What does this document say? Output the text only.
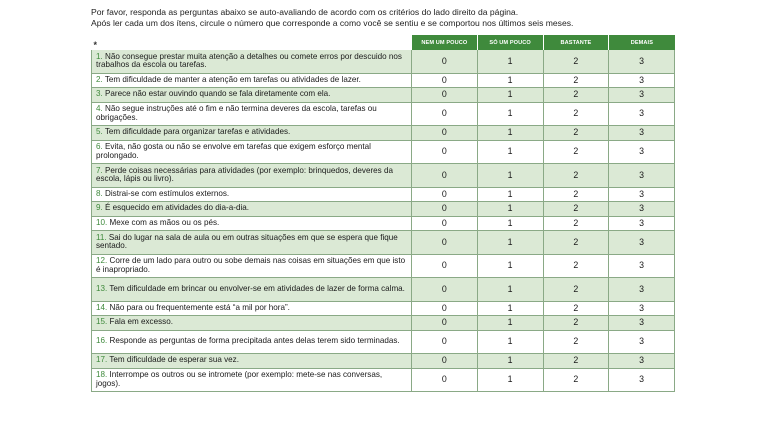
Por favor, responda as perguntas abaixo se auto-avaliando de acordo com os critérios do lado direito da página.

Após ler cada um dos ítens, circule o número que corresponde a como você se sentiu e se comportou nos últimos seis meses.

*	NEM UM POUCO	SÓ UM POUCO	BASTANTE	DEMAIS
1. Não consegue prestar muita atenção a detalhes ou comete erros por descuido nos trabalhos da escola ou tarefas.	0	1	2	3
2. Tem dificuldade de manter a atenção em tarefas ou atividades de lazer.	0	1	2	3
3. Parece não estar ouvindo quando se fala diretamente com ela.	0	1	2	3
4. Não segue instruções até o fim e não termina deveres da escola, tarefas ou obrigações.	0	1	2	3
5. Tem dificuldade para organizar tarefas e atividades.	0	1	2	3
6. Evita, não gosta ou não se envolve em tarefas que exigem esforço mental prolongado.	0	1	2	3
7. Perde coisas necessárias para atividades (por exemplo: brinquedos, deveres da escola, lápis ou livro).	0	1	2	3
8. Distrai-se com estímulos externos.	0	1	2	3
9. É esquecido em atividades do dia-a-dia.	0	1	2	3
10. Mexe com as mãos ou os pés.	0	1	2	3
11. Sai do lugar na sala de aula ou em outras situações em que se espera que fique sentado.	0	1	2	3
12. Corre de um lado para outro ou sobe demais nas coisas em situações em que isto é inapropriado.	0	1	2	3
13. Tem dificuldade em brincar ou envolver-se em atividades de lazer de forma calma.	0	1	2	3
14. Não para ou frequentemente está “a mil por hora”.	0	1	2	3
15. Fala em excesso.	0	1	2	3
16. Responde as perguntas de forma precipitada antes delas terem sido terminadas.	0	1	2	3
17. Tem dificuldade de esperar sua vez.	0	1	2	3
18. Interrompe os outros ou se intromete (por exemplo: mete-se nas conversas, jogos).	0	1	2	3
